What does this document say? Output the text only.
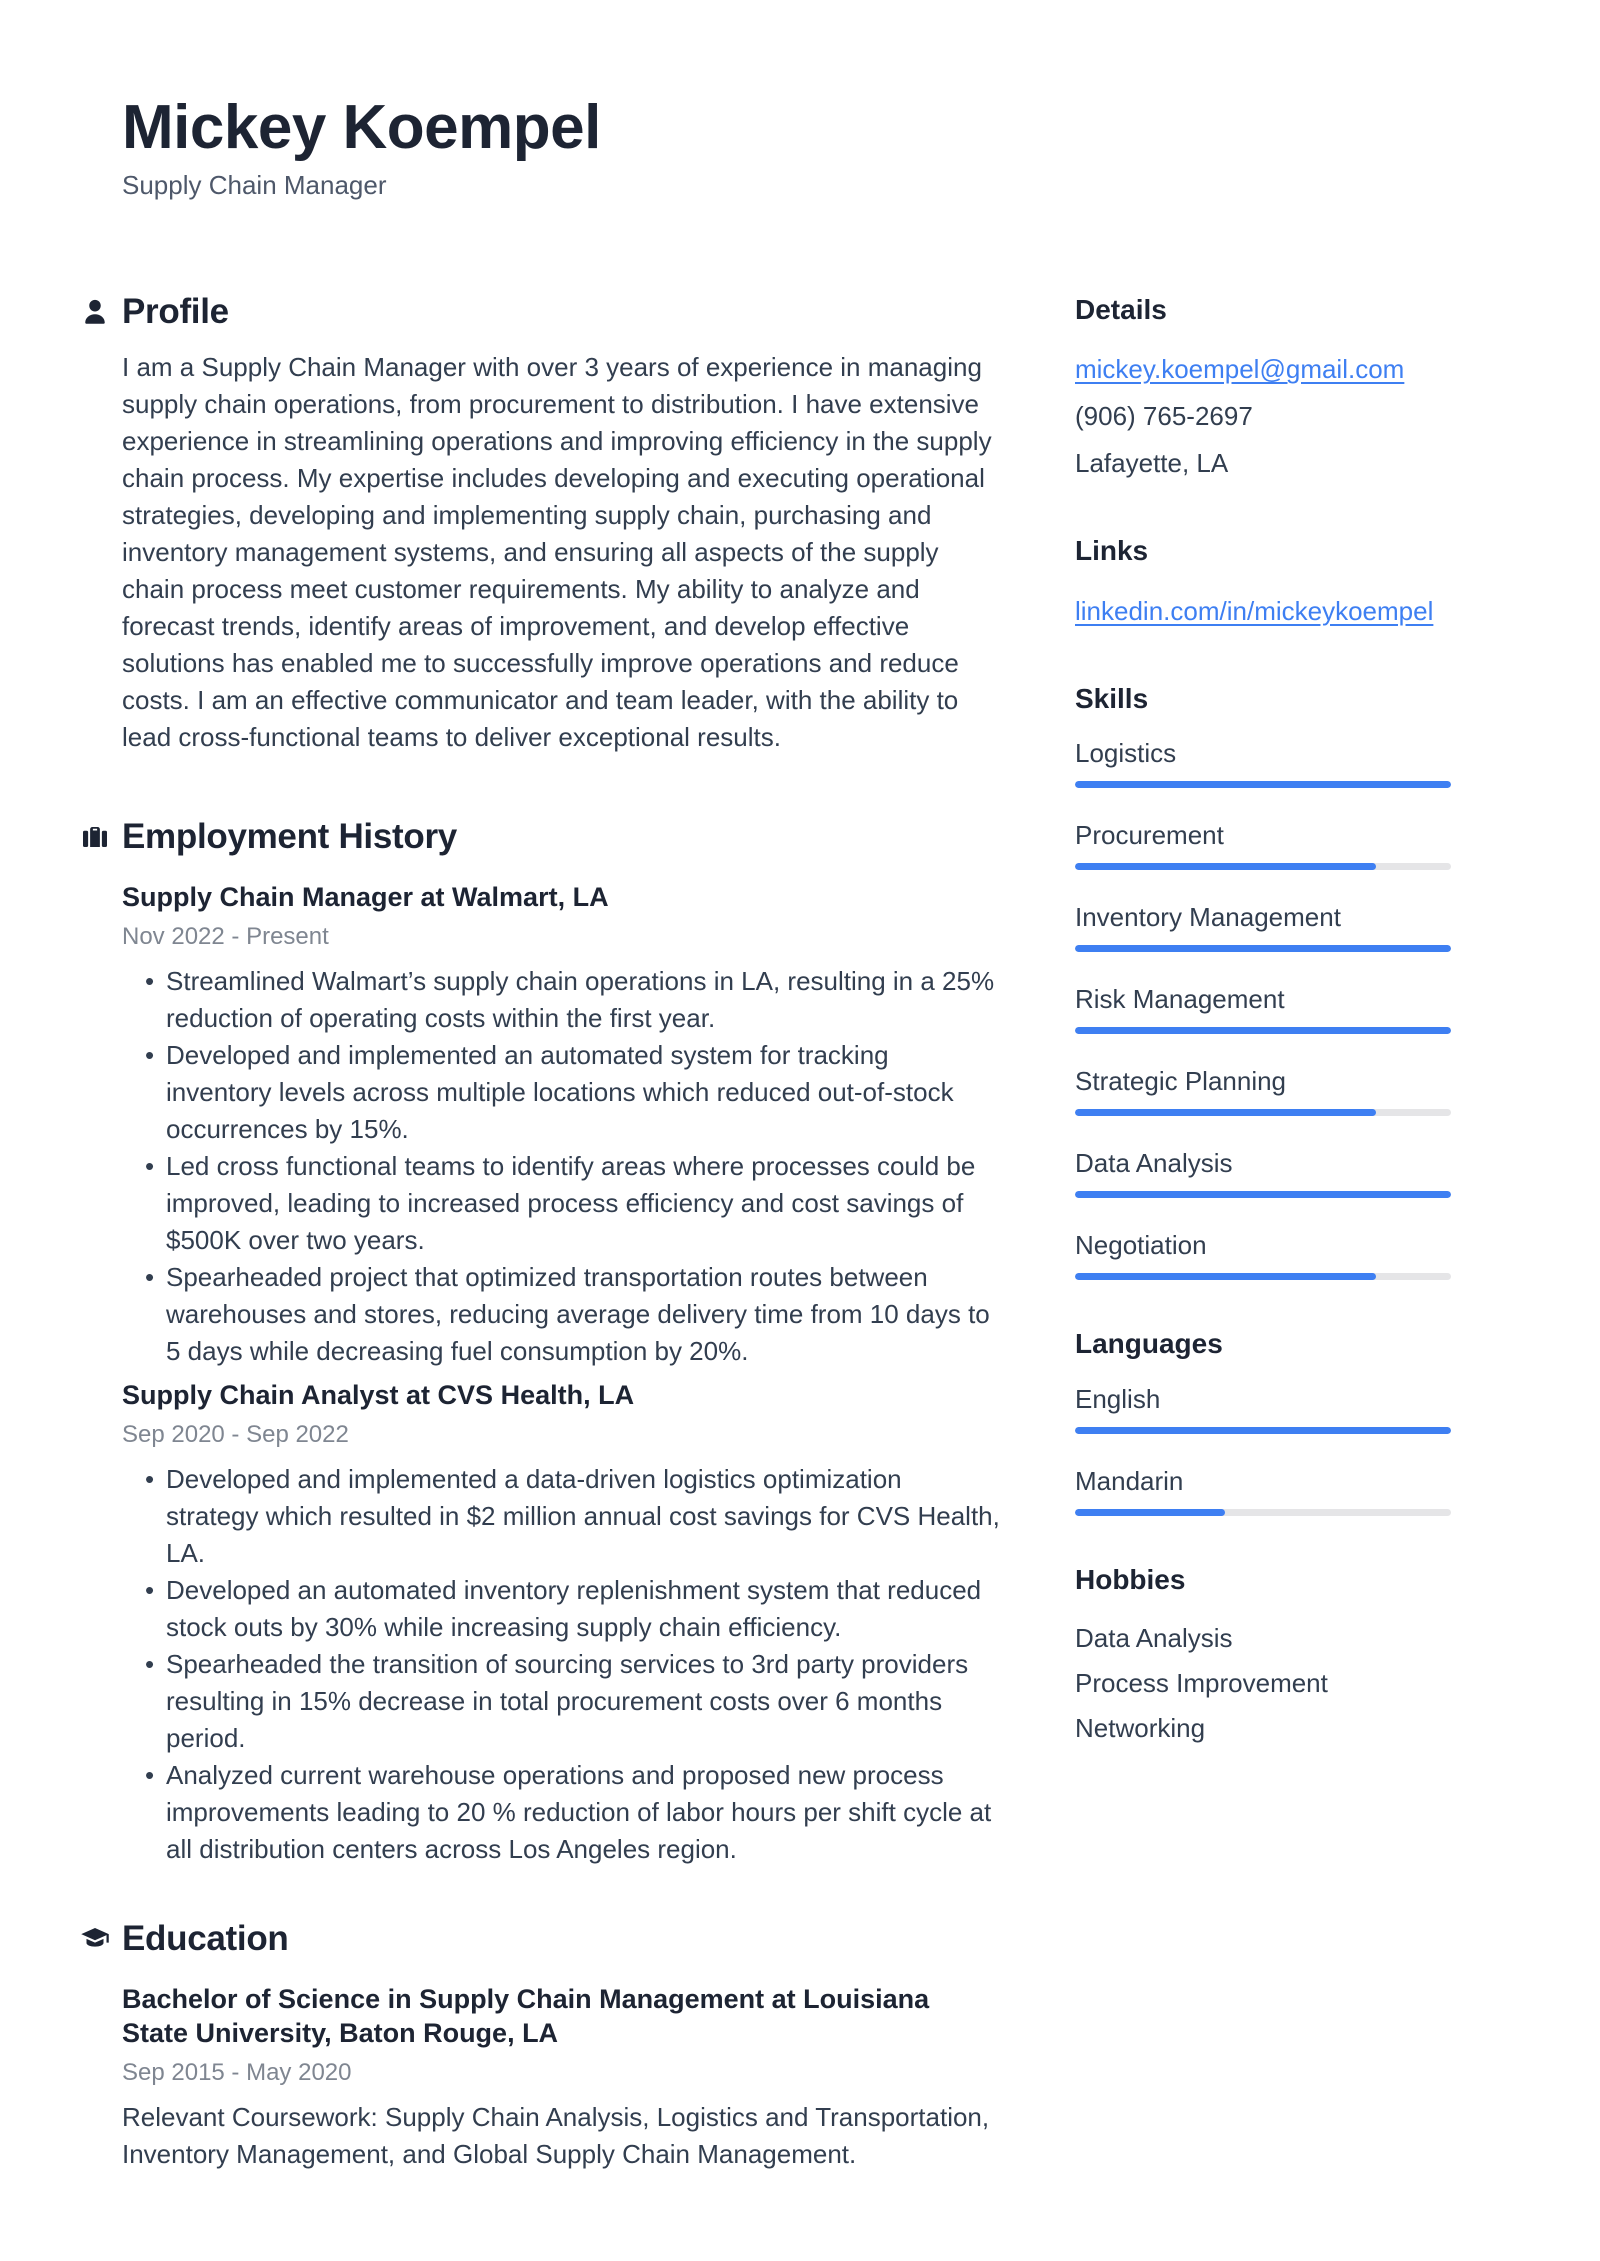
Mickey Koempel

Supply Chain Manager

Profile

I am a Supply Chain Manager with over 3 years of experience in managing supply chain operations, from procurement to distribution. I have extensive experience in streamlining operations and improving efficiency in the supply chain process. My expertise includes developing and executing operational strategies, developing and implementing supply chain, purchasing and inventory management systems, and ensuring all aspects of the supply chain process meet customer requirements. My ability to analyze and forecast trends, identify areas of improvement, and develop effective solutions has enabled me to successfully improve operations and reduce costs. I am an effective communicator and team leader, with the ability to lead cross-functional teams to deliver exceptional results.

Employment History
Supply Chain Manager at Walmart, LA

Nov 2022 - Present

• Streamlined Walmart’s supply chain operations in LA, resulting in a 25% reduction of operating costs within the first year.
• Developed and implemented an automated system for tracking inventory levels across multiple locations which reduced out-of-stock occurrences by 15%.
• Led cross functional teams to identify areas where processes could be improved, leading to increased process efficiency and cost savings of $500K over two years.
• Spearheaded project that optimized transportation routes between warehouses and stores, reducing average delivery time from 10 days to 5 days while decreasing fuel consumption by 20%.
Supply Chain Analyst at CVS Health, LA

Sep 2020 - Sep 2022

• Developed and implemented a data-driven logistics optimization strategy which resulted in $2 million annual cost savings for CVS Health, LA.
• Developed an automated inventory replenishment system that reduced stock outs by 30% while increasing supply chain efficiency.
• Spearheaded the transition of sourcing services to 3rd party providers resulting in 15% decrease in total procurement costs over 6 months period.
• Analyzed current warehouse operations and proposed new process improvements leading to 20 % reduction of labor hours per shift cycle at all distribution centers across Los Angeles region.
Education
Bachelor of Science in Supply Chain Management at Louisiana State University, Baton Rouge, LA

Sep 2015 - May 2020

Relevant Coursework: Supply Chain Analysis, Logistics and Transportation, Inventory Management, and Global Supply Chain Management.

Details
mickey.koempel@gmail.com
(906) 765-2697
Lafayette, LA
Links
linkedin.com/in/mickeykoempel
Skills
Logistics
Procurement
Inventory Management
Risk Management
Strategic Planning
Data Analysis
Negotiation
Languages
English
Mandarin
Hobbies
Data Analysis
Process Improvement
Networking
